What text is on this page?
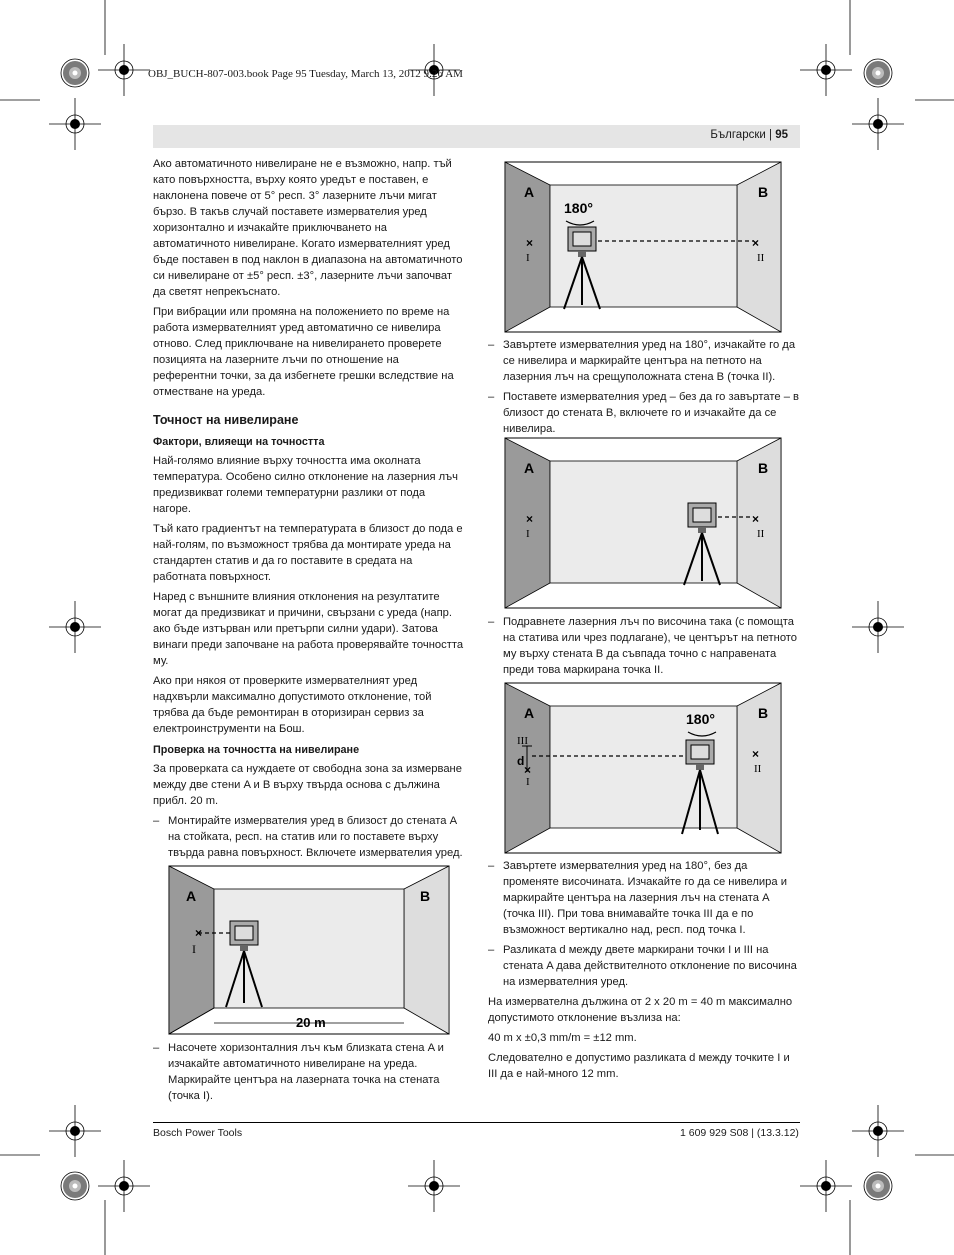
OBJ_BUCH-807-003.book Page 95 Tuesday, March 13, 2012 9:26 AM
Български | 95

Ако автоматичното нивелиране не е възможно, напр. тъй като повърхността, върху която уредът е поставен, е наклонена повече от 5° респ. 3° лазерните лъчи мигат бързо. В такъв случай поставете измервателия уред хоризонтално и изчакайте приключването на автоматичното нивелиране. Когато измервателният уред бъде поставен в под наклон в диапазона на автоматичното си нивелиране от ±5° респ. ±3°, лазерните лъчи започват да светят непрекъснато.

При вибрации или промяна на положението по време на работа измервателният уред автоматично се нивелира отново. След приключване на нивелирането проверете позицията на лазерните лъчи по отношение на референтни точки, за да избегнете грешки вследствие на отместване на уреда.

Точност на нивелиране
Фактори, влияещи на точността

Най-голямо влияние върху точността има околната температура. Особено силно отклонение на лазерния лъч предизвикват големи температурни разлики от пода нагоре.

Тъй като градиентът на температурата в близост до пода е най-голям, по възможност трябва да монтирате уреда на стандартен статив и да го поставите в средата на работната повърхност.

Наред с външните влияния отклонения на резултатите могат да предизвикат и причини, свързани с уреда (напр. ако бъде изтърван или претърпи силни удари). Затова винаги преди започване на работа проверявайте точността му.

Ако при някоя от проверките измервателният уред надхвърли максимално допустимото отклонение, той трябва да бъде ремонтиран в оторизиран сервиз за електроинструменти на Бош.

Проверка на точността на нивелиране

За проверката са нуждаете от свободна зона за измерване между две стени A и B върху твърда основа с дължина прибл. 20 m.

– Монтирайте измервателия уред в близост до стената A на стойката, респ. на статив или го поставете върху твърда равна повърхност. Включете измервателия уред.

A	B
×
I
20 m

– Насочете хоризонталния лъч към близката стена A и изчакайте автоматичното нивелиране на уреда. Маркирайте центъра на лазерната точка на стената (точка I).

A	B
180°
×
I
×
II

– Завъртете измервателния уред на 180°, изчакайте го да се нивелира и маркирайте центъра на петното на лазерния лъч на срещуположната стена B (точка II).

– Поставете измервателния уред – без да го завъртате – в близост до стената B, включете го и изчакайте да се нивелира.

A	B
×
I
×
II

– Подравнете лазерния лъч по височина така (с помощта на статива или чрез подлагане), че центърът на петното му върху стената B да съвпада точно с направената преди това маркирана точка II.

A	B
180°
III
d
×
I
×
II

– Завъртете измервателния уред на 180°, без да променяте височината. Изчакайте го да се нивелира и маркирайте центъра на лазерния лъч на стената A (точка III). При това внимавайте точка III да е по възможност вертикално над, респ. под точка I.

– Разликата d между двете маркирани точки I и III на стената A дава действителното отклонение по височина на измервателния уред.

На измервателна дължина от 2 x 20 m = 40 m максимално допустимото отклонение възлиза на:

40 m x ±0,3 mm/m = ±12 mm.

Следователно е допустимо разликата d между точките I и III да е най-много 12 mm.

Bosch Power Tools	1 609 929 S08 | (13.3.12)
